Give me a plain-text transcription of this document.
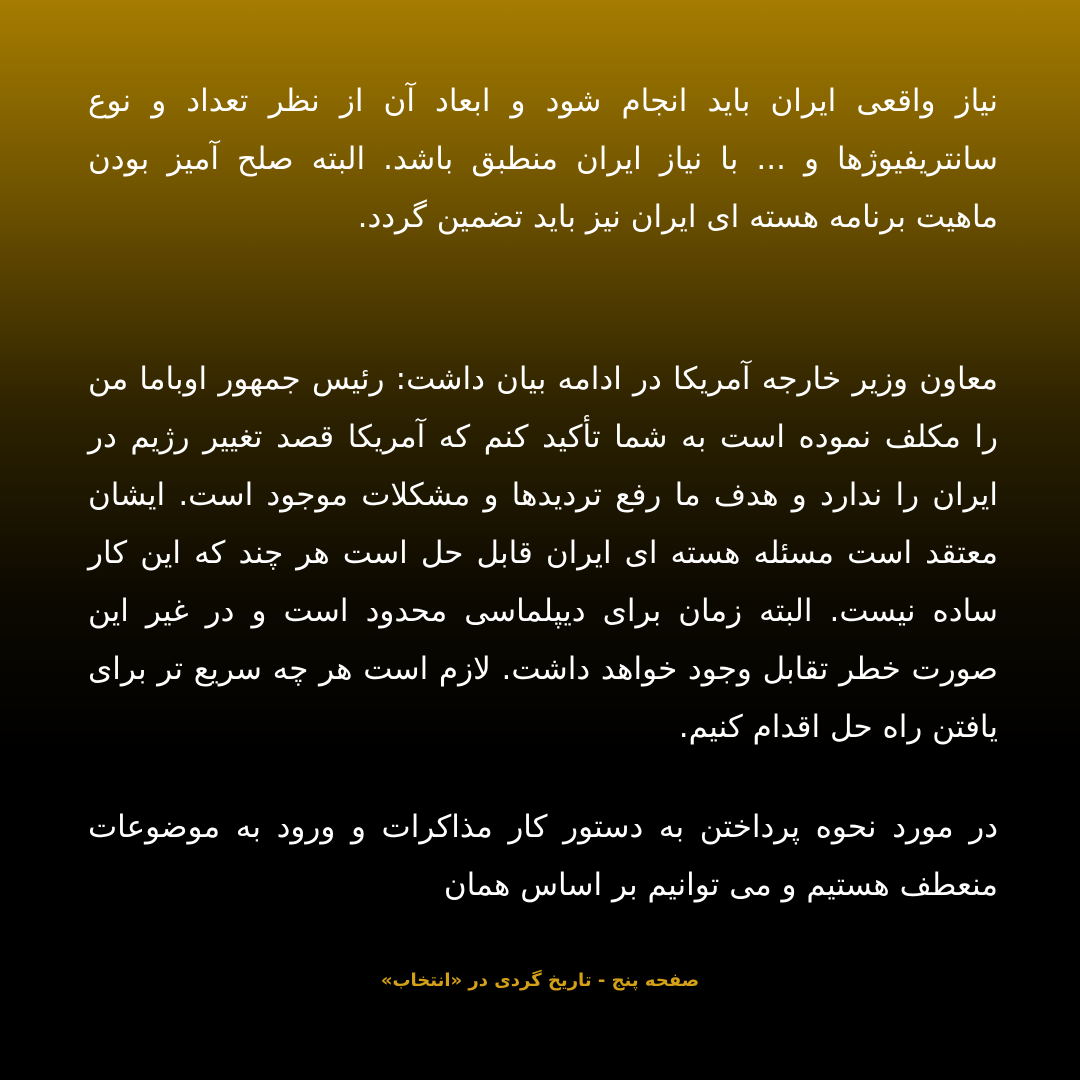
نیاز واقعی ایران باید انجام شود و ابعاد آن از نظر تعداد و نوع سانتریفیوژها و ... با نیاز ایران منطبق باشد. البته صلح آمیز بودن ماهیت برنامه هسته ای ایران نیز باید تضمین گردد.

معاون وزیر خارجه آمریکا در ادامه بیان داشت: رئیس جمهور اوباما من را مکلف نموده است به شما تأکید کنم که آمریکا قصد تغییر رژیم در ایران را ندارد و هدف ما رفع تردیدها و مشکلات موجود است. ایشان معتقد است مسئله هسته ای ایران قابل حل است هر چند که این کار ساده نیست. البته زمان برای دیپلماسی محدود است و در غیر این صورت خطر تقابل وجود خواهد داشت. لازم است هر چه سریع تر برای یافتن راه حل اقدام کنیم.

در مورد نحوه پرداختن به دستور کار مذاکرات و ورود به موضوعات منعطف هستیم و می توانیم بر اساس همان

صفحه پنج - تاریخ گردی در «انتخاب»
